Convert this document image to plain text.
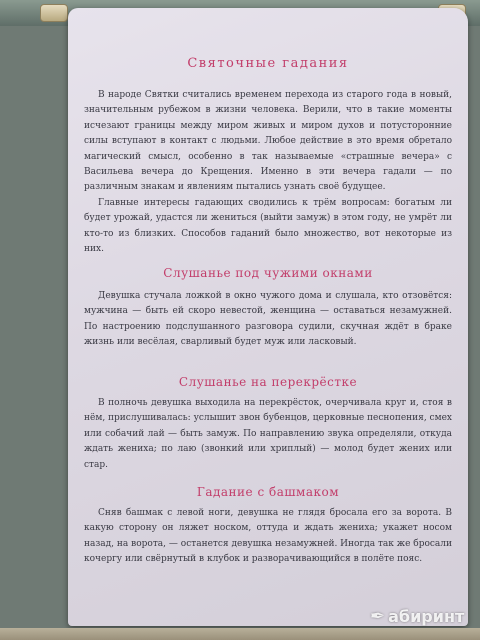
Святочные гадания
В народе Святки считались временем перехода из старого года в новый, значительным рубежом в жизни человека. Верили, что в такие моменты исчезают границы между миром живых и миром духов и потусторонние силы вступают в контакт с людьми. Любое действие в это время обретало магический смысл, особенно в так называемые «страшные вечера» с Васильева вечера до Крещения. Именно в эти вечера гадали — по различным знакам и явлениям пытались узнать своё будущее.
Главные интересы гадающих сводились к трём вопросам: богатым ли будет урожай, удастся ли жениться (выйти замуж) в этом году, не умрёт ли кто-то из близких. Способов гаданий было множество, вот некоторые из них.
Слушанье под чужими окнами
Девушка стучала ложкой в окно чужого дома и слушала, кто отзовётся: мужчина — быть ей скоро невестой, женщина — оставаться незамужней. По настроению подслушанного разговора судили, скучная ждёт в браке жизнь или весёлая, сварливый будет муж или ласковый.
Слушанье на перекрёстке
В полночь девушка выходила на перекрёсток, очерчивала круг и, стоя в нём, прислушивалась: услышит звон бубенцов, церковные песнопения, смех или собачий лай — быть замуж. По направлению звука определяли, откуда ждать жениха; по лаю (звонкий или хриплый) — молод будет жених или стар.
Гадание с башмаком
Сняв башмак с левой ноги, девушка не глядя бросала его за ворота. В какую сторону он ляжет носком, оттуда и ждать жениха; укажет носом назад, на ворота, — останется девушка незамужней. Иногда так же бросали кочергу или свёрнутый в клубок и разворачивающийся в полёте пояс.
✒ абиринт
